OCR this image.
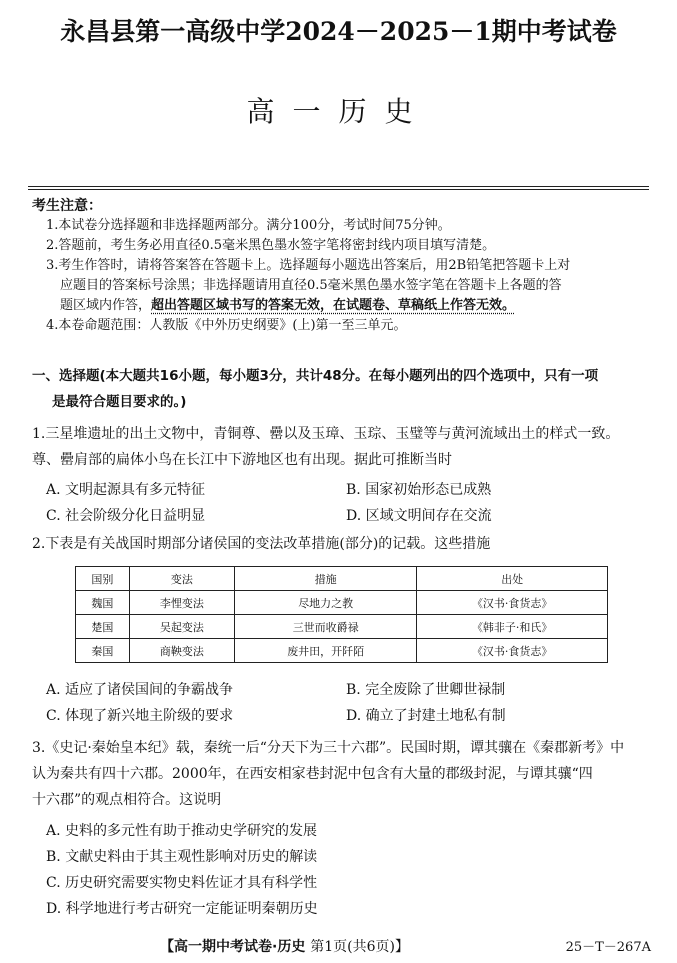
永昌县第一高级中学2024－2025－1期中考试卷
高一历史
考生注意：
1.本试卷分选择题和非选择题两部分。满分100分，考试时间75分钟。
2.答题前，考生务必用直径0.5毫米黑色墨水签字笔将密封线内项目填写清楚。
3.考生作答时，请将答案答在答题卡上。选择题每小题选出答案后，用2B铅笔把答题卡上对
应题目的答案标号涂黑；非选择题请用直径0.5毫米黑色墨水签字笔在答题卡上各题的答
题区域内作答，超出答题区域书写的答案无效，在试题卷、草稿纸上作答无效。
4.本卷命题范围：人教版《中外历史纲要》(上)第一至三单元。
一、选择题(本大题共16小题，每小题3分，共计48分。在每小题列出的四个选项中，只有一项
是最符合题目要求的。)
1.三星堆遗址的出土文物中，青铜尊、罍以及玉璋、玉琮、玉璧等与黄河流域出土的样式一致。
尊、罍肩部的扁体小鸟在长江中下游地区也有出现。据此可推断当时
A. 文明起源具有多元特征	B. 国家初始形态已成熟
C. 社会阶级分化日益明显	D. 区域文明间存在交流
2.下表是有关战国时期部分诸侯国的变法改革措施(部分)的记载。这些措施
国别	变法	措施	出处
魏国	李悝变法	尽地力之教	《汉书·食货志》
楚国	吴起变法	三世而收爵禄	《韩非子·和氏》
秦国	商鞅变法	废井田，开阡陌	《汉书·食货志》
A. 适应了诸侯国间的争霸战争	B. 完全废除了世卿世禄制
C. 体现了新兴地主阶级的要求	D. 确立了封建土地私有制
3.《史记·秦始皇本纪》载，秦统一后“分天下为三十六郡”。民国时期，谭其骧在《秦郡新考》中
认为秦共有四十六郡。2000年，在西安相家巷封泥中包含有大量的郡级封泥，与谭其骧“四
十六郡”的观点相符合。这说明
A. 史料的多元性有助于推动史学研究的发展
B. 文献史料由于其主观性影响对历史的解读
C. 历史研究需要实物史料佐证才具有科学性
D. 科学地进行考古研究一定能证明秦朝历史
【高一期中考试卷·历史 第1页(共6页)】	25－T－267A
